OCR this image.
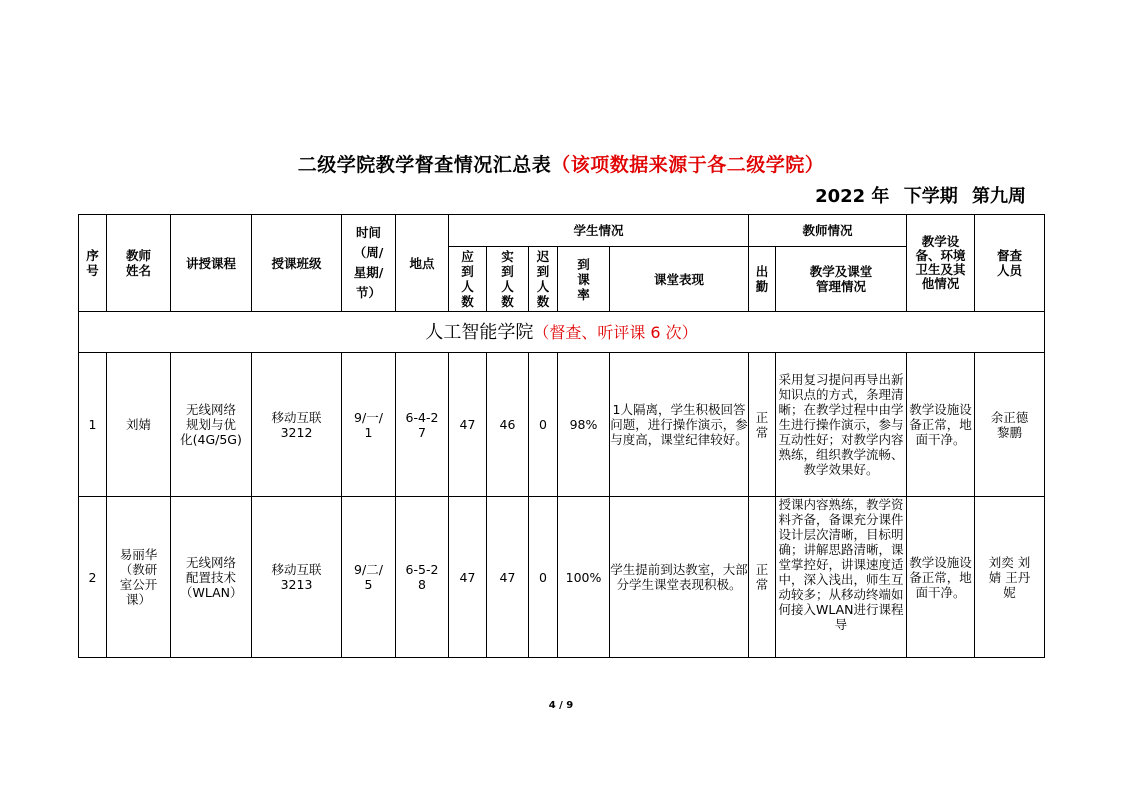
二级学院教学督查情况汇总表（该项数据来源于各二级学院）
2022 年 下学期 第九周
序号	教师姓名	讲授课程	授课班级	时间（周/星期/节）	地点	学生情况					教师情况		教学设备、环境卫生及其他情况	督查人员
						应到人数	实到人数	迟到人数	到课率	课堂表现	出勤	教学及课堂管理情况		
人工智能学院（督查、听评课 6 次）														
1	刘婧	无线网络规划与优化(4G/5G)	移动互联3212	9/一/1	6-4-27	47	46	0	98%	1人隔离，学生积极回答问题，进行操作演示，参与度高，课堂纪律较好。	正常	采用复习提问再导出新知识点的方式，条理清晰；在教学过程中由学生进行操作演示，参与互动性好；对教学内容熟练，组织教学流畅、教学效果好。	教学设施设备正常，地面干净。	余正德 黎鹏
2	易丽华（教研室公开课）	无线网络配置技术（WLAN）	移动互联3213	9/二/5	6-5-28	47	47	0	100%	学生提前到达教室，大部分学生课堂表现积极。	正常	授课内容熟练，教学资料齐备，备课充分课件设计层次清晰，目标明确；讲解思路清晰，课堂掌控好，讲课速度适中，深入浅出，师生互动较多；从移动终端如何接入WLAN进行课程导	教学设施设备正常，地面干净。	刘奕 刘婧 王丹妮
4 / 9
